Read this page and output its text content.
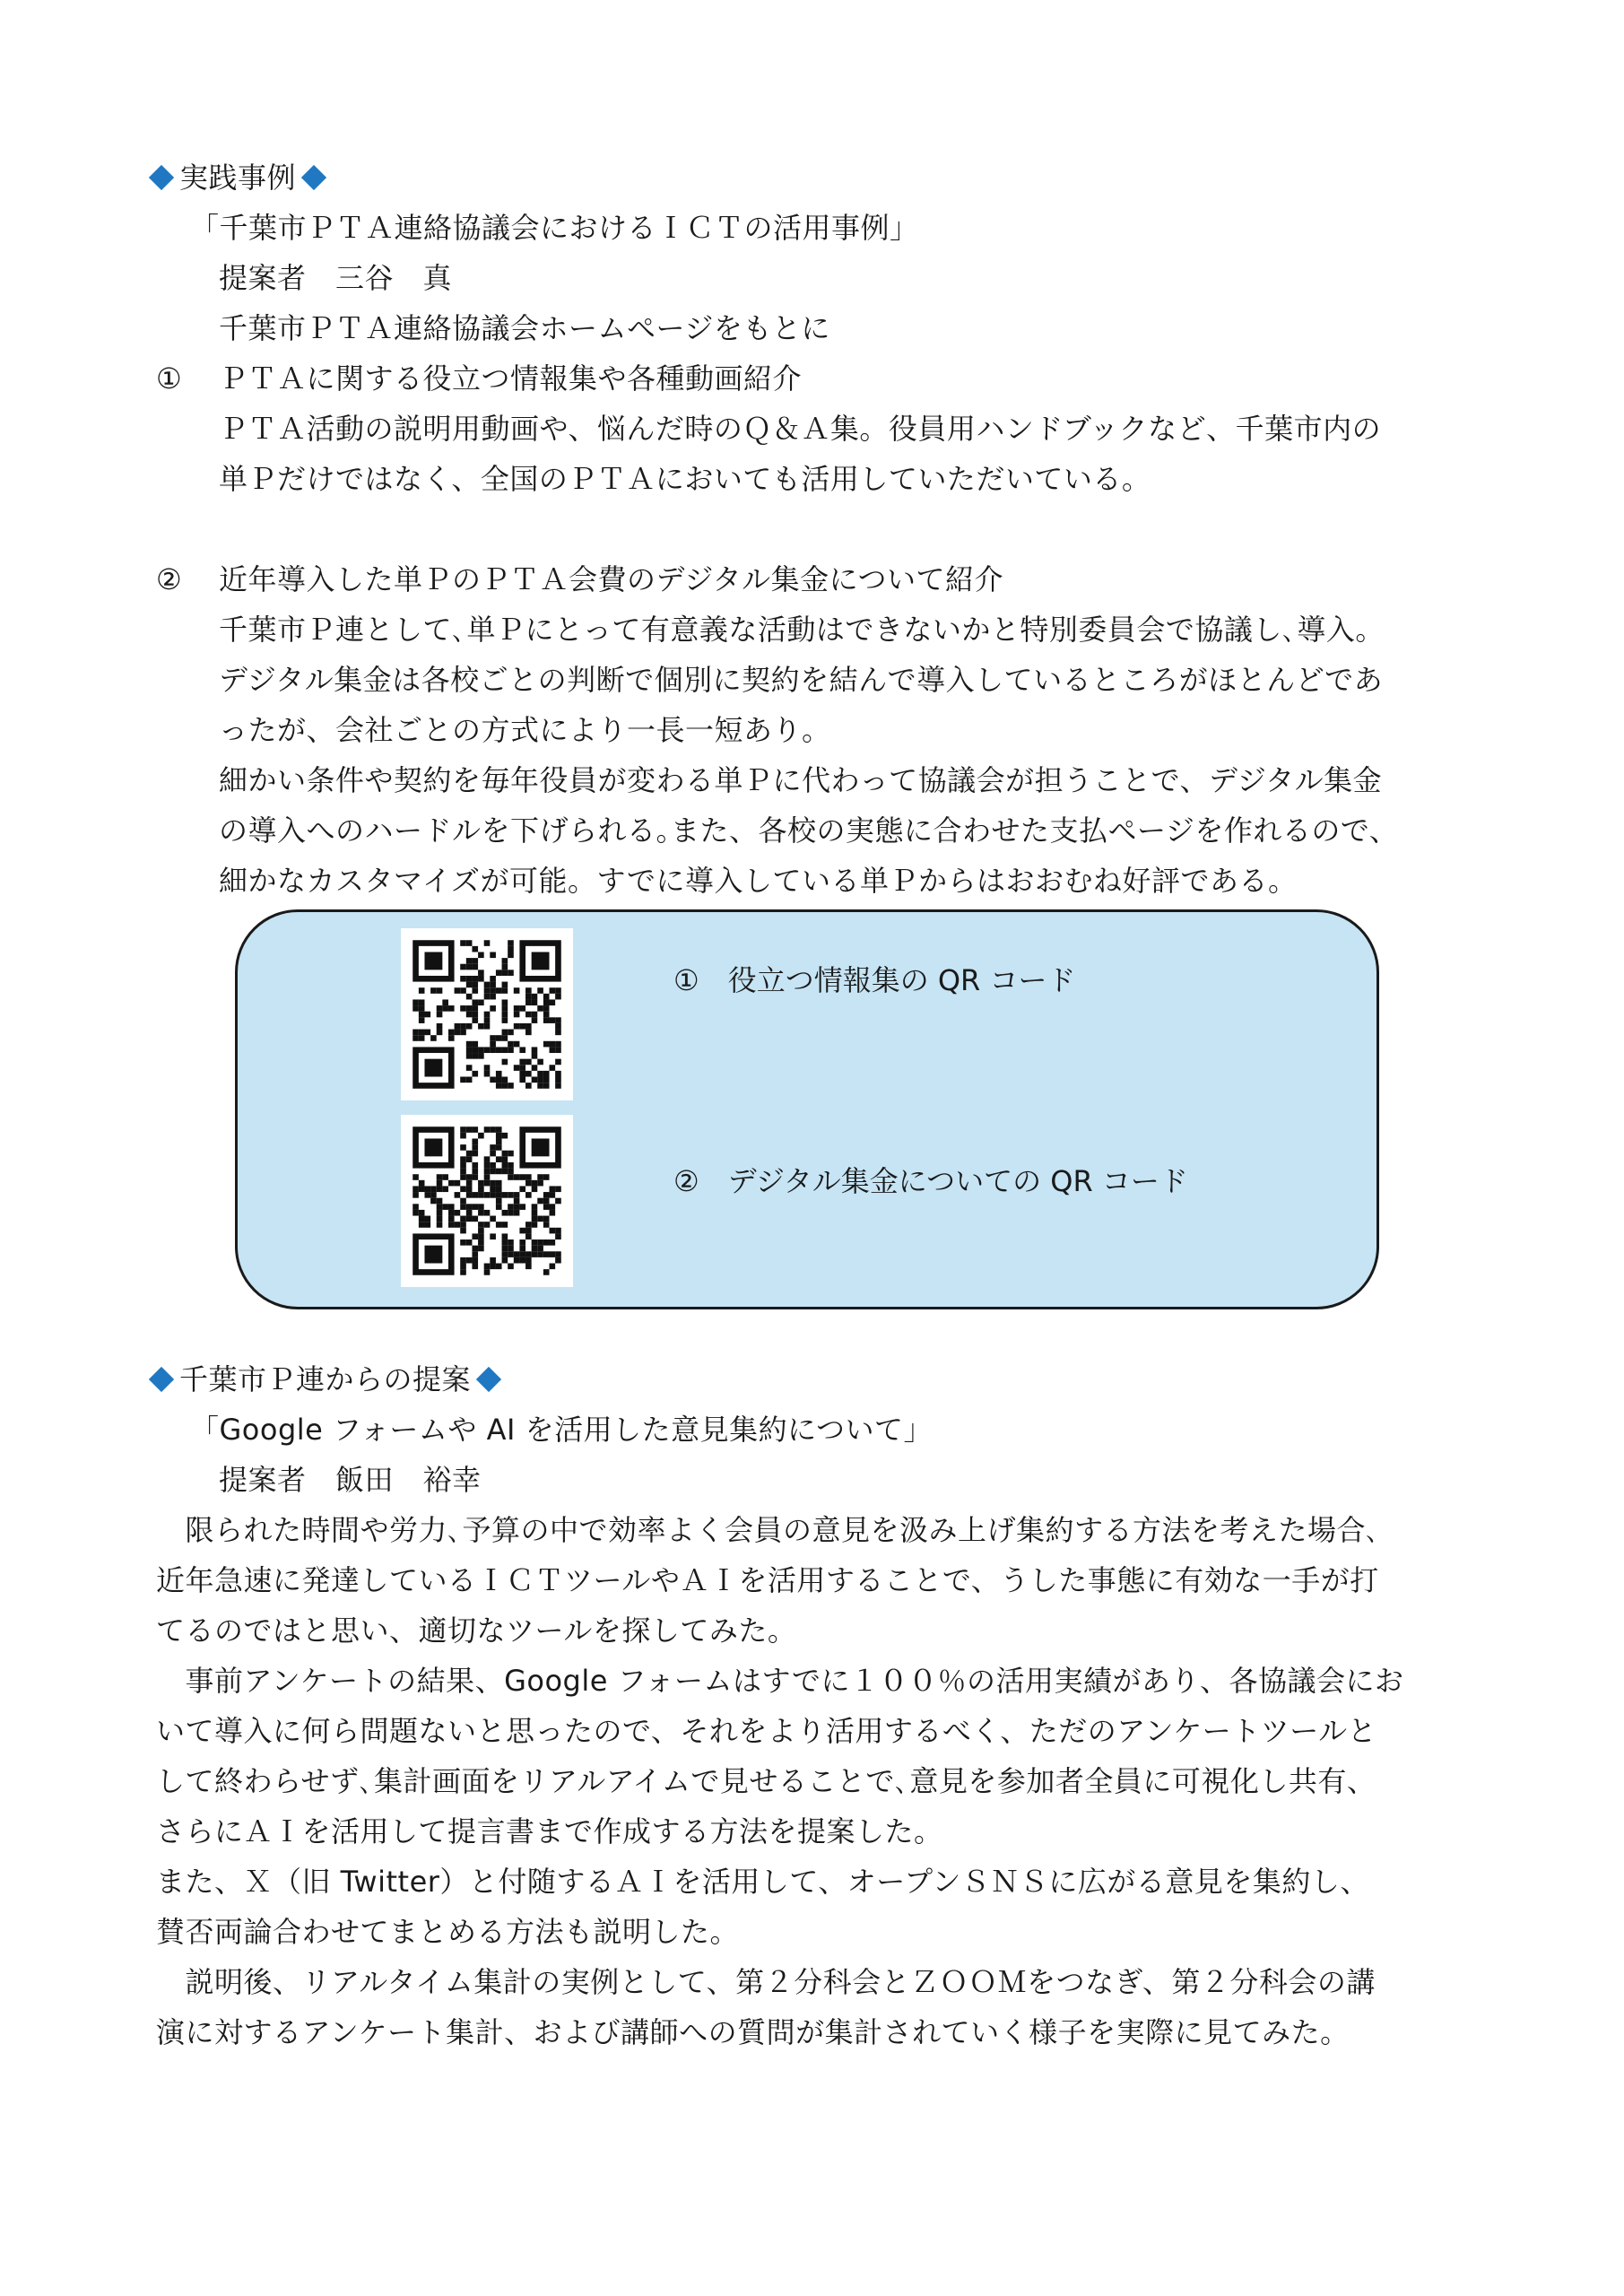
実践事例
「千葉市ＰＴＡ連絡協議会におけるＩＣＴの活用事例」
提案者　三谷　真
千葉市ＰＴＡ連絡協議会ホームページをもとに
① ＰＴＡに関する役立つ情報集や各種動画紹介
ＰＴＡ活動の説明用動画や、悩んだ時のＱ＆Ａ集。役員用ハンドブックなど、千葉市内の
単Ｐだけではなく、全国のＰＴＡにおいても活用していただいている。
② 近年導入した単ＰのＰＴＡ会費のデジタル集金について紹介
千葉市Ｐ連として､単Ｐにとって有意義な活動はできないかと特別委員会で協議し､導入。
デジタル集金は各校ごとの判断で個別に契約を結んで導入しているところがほとんどであ
ったが、会社ごとの方式により一長一短あり。
細かい条件や契約を毎年役員が変わる単Ｐに代わって協議会が担うことで、デジタル集金
の導入へのハードルを下げられる｡また、各校の実態に合わせた支払ページを作れるので、
細かなカスタマイズが可能。すでに導入している単Ｐからはおおむね好評である。
①　役立つ情報集の QR コード
②　デジタル集金についての QR コード
千葉市Ｐ連からの提案
「Google フォームや AI を活用した意見集約について」
提案者　飯田　裕幸
　限られた時間や労力､予算の中で効率よく会員の意見を汲み上げ集約する方法を考えた場合､
近年急速に発達しているＩＣＴツールやＡＩを活用することで、うした事態に有効な一手が打
てるのではと思い、適切なツールを探してみた。
　事前アンケートの結果、Google フォームはすでに１００％の活用実績があり、各協議会にお
いて導入に何ら問題ないと思ったので、それをより活用するべく、ただのアンケートツールと
して終わらせず､集計画面をリアルアイムで見せることで､意見を参加者全員に可視化し共有、
さらにＡＩを活用して提言書まで作成する方法を提案した。
また、Ｘ（旧 Twitter）と付随するＡＩを活用して、オープンＳＮＳに広がる意見を集約し、
賛否両論合わせてまとめる方法も説明した。
　説明後、リアルタイム集計の実例として、第２分科会とＺＯＯＭをつなぎ、第２分科会の講
演に対するアンケート集計、および講師への質問が集計されていく様子を実際に見てみた。
